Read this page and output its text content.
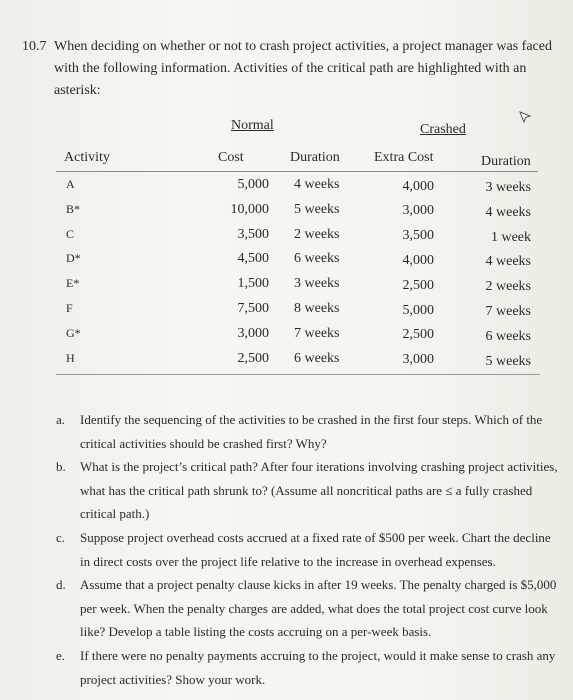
10.7 When deciding on whether or not to crash project activities, a project manager was faced with the following information. Activities of the critical path are highlighted with an asterisk:
Normal	Crashed
Activity	Cost	Duration Extra Cost	Duration
A	5,000 4 weeks	4,000	3 weeks
B*	10,000 5 weeks	3,000	4 weeks
C	3,500 2 weeks	3,500	1 week
D*	4,500 6 weeks	4,000	4 weeks
E*	1,500 3 weeks	2,500	2 weeks
F	7,500 8 weeks	5,000	7 weeks
G*	3,000 7 weeks	2,500	6 weeks
H	2,500 6 weeks	3,000	5 weeks
a. Identify the sequencing of the activities to be crashed in the first four steps. Which of the critical activities should be crashed first? Why?
b. What is the project’s critical path? After four iterations involving crashing project activities, what has the critical path shrunk to? (Assume all noncritical paths are ≤ a fully crashed critical path.)
c. Suppose project overhead costs accrued at a fixed rate of $500 per week. Chart the decline in direct costs over the project life relative to the increase in overhead expenses.
d. Assume that a project penalty clause kicks in after 19 weeks. The penalty charged is $5,000 per week. When the penalty charges are added, what does the total project cost curve look like? Develop a table listing the costs accruing on a per-week basis.
e. If there were no penalty payments accruing to the project, would it make sense to crash any project activities? Show your work.
